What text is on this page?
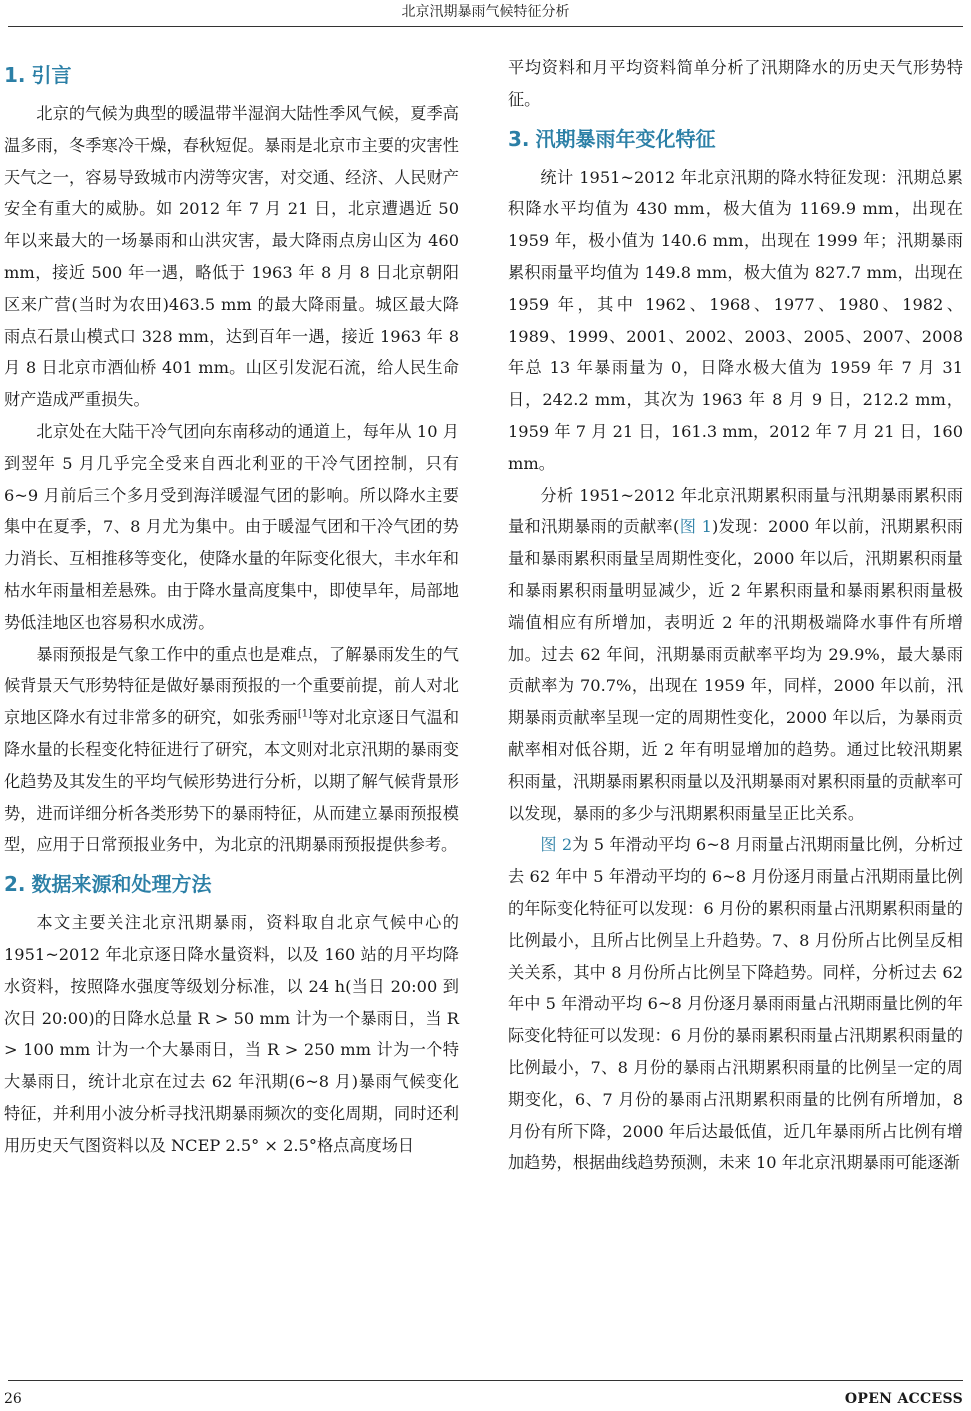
北京汛期暴雨气候特征分析
1. 引言

北京的气候为典型的暖温带半湿润大陆性季风气候，夏季高温多雨，冬季寒冷干燥，春秋短促。暴雨是北京市主要的灾害性天气之一，容易导致城市内涝等灾害，对交通、经济、人民财产安全有重大的威胁。如 2012 年 7 月 21 日，北京遭遇近 50 年以来最大的一场暴雨和山洪灾害，最大降雨点房山区为 460 mm，接近 500 年一遇，略低于 1963 年 8 月 8 日北京朝阳区来广营(当时为农田)463.5 mm 的最大降雨量。城区最大降雨点石景山模式口 328 mm，达到百年一遇，接近 1963 年 8 月 8 日北京市酒仙桥 401 mm。山区引发泥石流，给人民生命财产造成严重损失。

北京处在大陆干冷气团向东南移动的通道上，每年从 10 月到翌年 5 月几乎完全受来自西北利亚的干冷气团控制，只有 6~9 月前后三个多月受到海洋暖湿气团的影响。所以降水主要集中在夏季，7、8 月尤为集中。由于暖湿气团和干冷气团的势力消长、互相推移等变化，使降水量的年际变化很大，丰水年和枯水年雨量相差悬殊。由于降水量高度集中，即使旱年，局部地势低洼地区也容易积水成涝。

暴雨预报是气象工作中的重点也是难点，了解暴雨发生的气候背景天气形势特征是做好暴雨预报的一个重要前提，前人对北京地区降水有过非常多的研究，如张秀丽[1]等对北京逐日气温和降水量的长程变化特征进行了研究，本文则对北京汛期的暴雨变化趋势及其发生的平均气候形势进行分析，以期了解气候背景形势，进而详细分析各类形势下的暴雨特征，从而建立暴雨预报模型，应用于日常预报业务中，为北京的汛期暴雨预报提供参考。

2. 数据来源和处理方法

本文主要关注北京汛期暴雨，资料取自北京气候中心的 1951~2012 年北京逐日降水量资料，以及 160 站的月平均降水资料，按照降水强度等级划分标准，以 24 h(当日 20:00 到次日 20:00)的日降水总量 R > 50 mm 计为一个暴雨日，当 R > 100 mm 计为一个大暴雨日，当 R > 250 mm 计为一个特大暴雨日，统计北京在过去 62 年汛期(6~8 月)暴雨气候变化特征，并利用小波分析寻找汛期暴雨频次的变化周期，同时还利用历史天气图资料以及 NCEP 2.5° × 2.5°格点高度场日

平均资料和月平均资料简单分析了汛期降水的历史天气形势特征。

3. 汛期暴雨年变化特征

统计 1951~2012 年北京汛期的降水特征发现：汛期总累积降水平均值为 430 mm，极大值为 1169.9 mm，出现在 1959 年，极小值为 140.6 mm，出现在 1999 年；汛期暴雨累积雨量平均值为 149.8 mm，极大值为 827.7 mm，出现在 1959 年，其中 1962、1968、1977、1980、1982、1989、1999、2001、2002、2003、2005、2007、2008 年总 13 年暴雨量为 0，日降水极大值为 1959 年 7 月 31 日，242.2 mm，其次为 1963 年 8 月 9 日，212.2 mm，1959 年 7 月 21 日，161.3 mm，2012 年 7 月 21 日，160 mm。

分析 1951~2012 年北京汛期累积雨量与汛期暴雨累积雨量和汛期暴雨的贡献率(图 1)发现：2000 年以前，汛期累积雨量和暴雨累积雨量呈周期性变化，2000 年以后，汛期累积雨量和暴雨累积雨量明显减少，近 2 年累积雨量和暴雨累积雨量极端值相应有所增加，表明近 2 年的汛期极端降水事件有所增加。过去 62 年间，汛期暴雨贡献率平均为 29.9%，最大暴雨贡献率为 70.7%，出现在 1959 年，同样，2000 年以前，汛期暴雨贡献率呈现一定的周期性变化，2000 年以后，为暴雨贡献率相对低谷期，近 2 年有明显增加的趋势。通过比较汛期累积雨量，汛期暴雨累积雨量以及汛期暴雨对累积雨量的贡献率可以发现，暴雨的多少与汛期累积雨量呈正比关系。

图 2为 5 年滑动平均 6~8 月雨量占汛期雨量比例，分析过去 62 年中 5 年滑动平均的 6~8 月份逐月雨量占汛期雨量比例的年际变化特征可以发现：6 月份的累积雨量占汛期累积雨量的比例最小，且所占比例呈上升趋势。7、8 月份所占比例呈反相关关系，其中 8 月份所占比例呈下降趋势。同样，分析过去 62 年中 5 年滑动平均 6~8 月份逐月暴雨雨量占汛期雨量比例的年际变化特征可以发现：6 月份的暴雨累积雨量占汛期累积雨量的比例最小，7、8 月份的暴雨占汛期累积雨量的比例呈一定的周期变化，6、7 月份的暴雨占汛期累积雨量的比例有所增加，8 月份有所下降，2000 年后达最低值，近几年暴雨所占比例有增加趋势，根据曲线趋势预测，未来 10 年北京汛期暴雨可能逐渐

26	OPEN ACCESS
